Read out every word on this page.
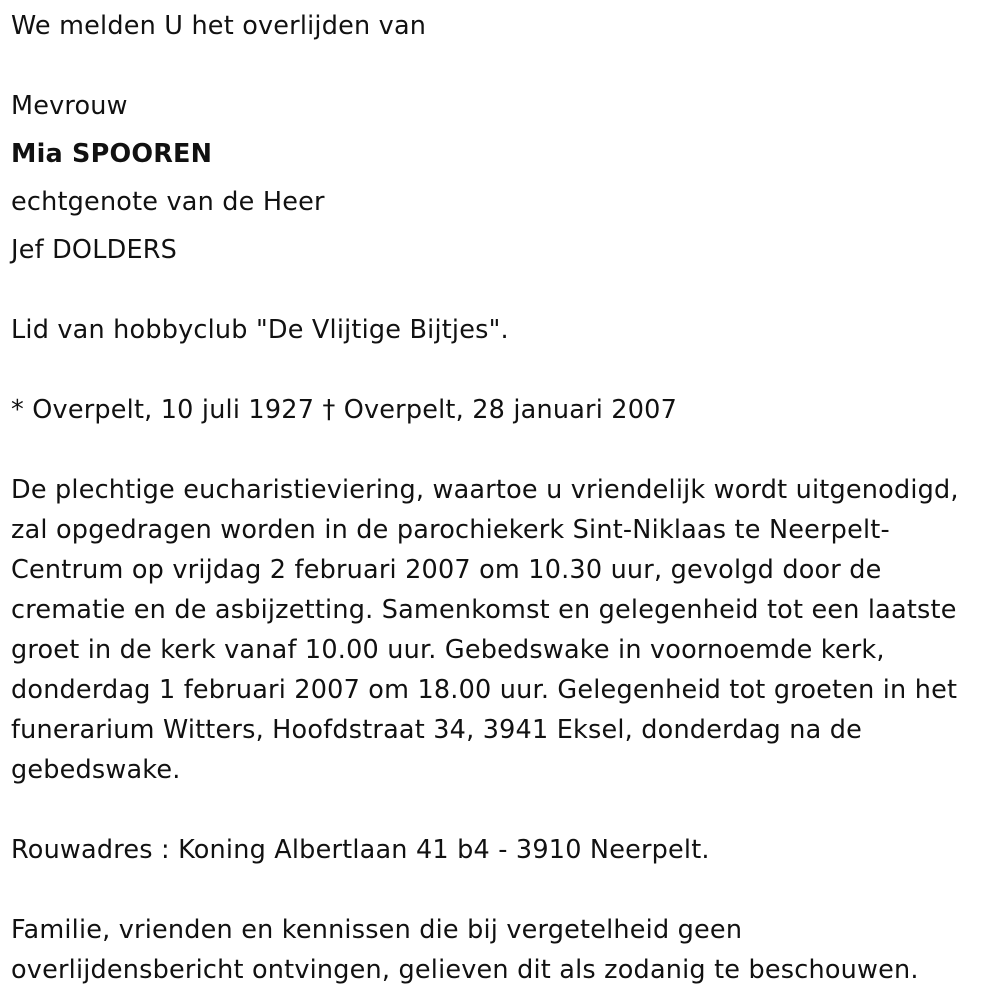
We melden U het overlijden van

Mevrouw

Mia SPOOREN

echtgenote van de Heer

Jef DOLDERS

Lid van hobbyclub "De Vlijtige Bijtjes".

* Overpelt, 10 juli 1927 † Overpelt, 28 januari 2007

De plechtige eucharistieviering, waartoe u vriendelijk wordt uitgenodigd,

zal opgedragen worden in de parochiekerk Sint-Niklaas te Neerpelt-

Centrum op vrijdag 2 februari 2007 om 10.30 uur, gevolgd door de

crematie en de asbijzetting. Samenkomst en gelegenheid tot een laatste

groet in de kerk vanaf 10.00 uur. Gebedswake in voornoemde kerk,

donderdag 1 februari 2007 om 18.00 uur. Gelegenheid tot groeten in het

funerarium Witters, Hoofdstraat 34, 3941 Eksel, donderdag na de

gebedswake.

Rouwadres : Koning Albertlaan 41 b4 - 3910 Neerpelt.

Familie, vrienden en kennissen die bij vergetelheid geen

overlijdensbericht ontvingen, gelieven dit als zodanig te beschouwen.
